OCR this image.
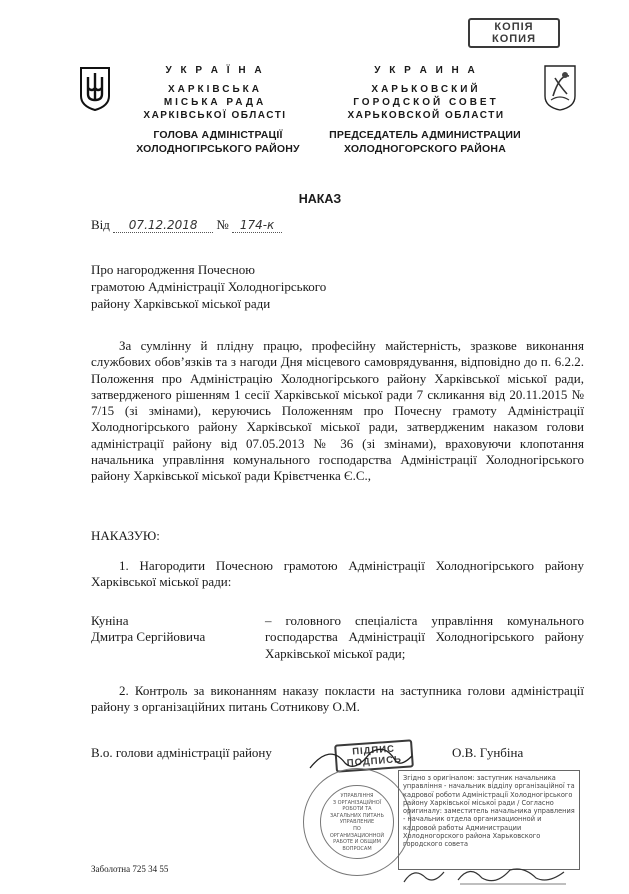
КОПІЯ
КОПИЯ
У К Р А Ї Н А
ХАРКІВСЬКА
МІСЬКА РАДА
ХАРКІВСЬКОЇ ОБЛАСТІ
У К Р А И Н А
ХАРЬКОВСКИЙ
ГОРОДСКОЙ СОВЕТ
ХАРЬКОВСКОЙ ОБЛАСТИ
ГОЛОВА АДМІНІСТРАЦІЇ
ХОЛОДНОГІРСЬКОГО РАЙОНУ
ПРЕДСЕДАТЕЛЬ АДМИНИСТРАЦИИ
ХОЛОДНОГОРСКОГО РАЙОНА
НАКАЗ
Від 07.12.2018 № 174-к
Про нагородження Почесною
грамотою Адміністрації Холодногірського
району Харківської міської ради
За сумлінну й плідну працю, професійну майстерність, зразкове виконання службових обов’язків та з нагоди Дня місцевого самоврядування, відповідно до п. 6.2.2. Положення про Адміністрацію Холодногірського району Харківської міської ради, затвердженого рішенням 1 сесії Харківської міської ради 7 скликання від 20.11.2015 № 7/15 (зі змінами), керуючись Положенням про Почесну грамоту Адміністрації Холодногірського району Харківської міської ради, затвердженим наказом голови адміністрації району від 07.05.2013 № 36 (зі змінами), враховуючи клопотання начальника управління комунального господарства Адміністрації Холодногірського району Харківської міської ради Крівєтченка Є.С.,
НАКАЗУЮ:
1. Нагородити Почесною грамотою Адміністрації Холодногірського району Харківської міської ради:
Куніна
Дмитра Сергійовича
– головного спеціаліста управління комунального господарства Адміністрації Холодногірського району Харківської міської ради;
2. Контроль за виконанням наказу покласти на заступника голови адміністрації району з організаційних питань Сотникову О.М.
В.о. голови адміністрації району	О.В. Гунбіна
ПІДПИС
ПОДПИСЬ
УПРАВЛІННЯ
З ОРГАНІЗАЦІЙНОЇ
РОБОТИ ТА
ЗАГАЛЬНИХ ПИТАНЬ
УПРАВЛЕНИЕ
ПО ОРГАНИЗАЦИОННОЙ
РАБОТЕ И ОБЩИМ
ВОПРОСАМ
Згідно з оригіналом: заступник начальника управління - начальник відділу організаційної та кадрової роботи Адміністрації Холодногірського району Харківської міської ради / Согласно оригиналу: заместитель начальника управления - начальник отдела организационной и кадровой работы Администрации Холодногорского района Харьковского городского совета
Заболотна 725 34 55
